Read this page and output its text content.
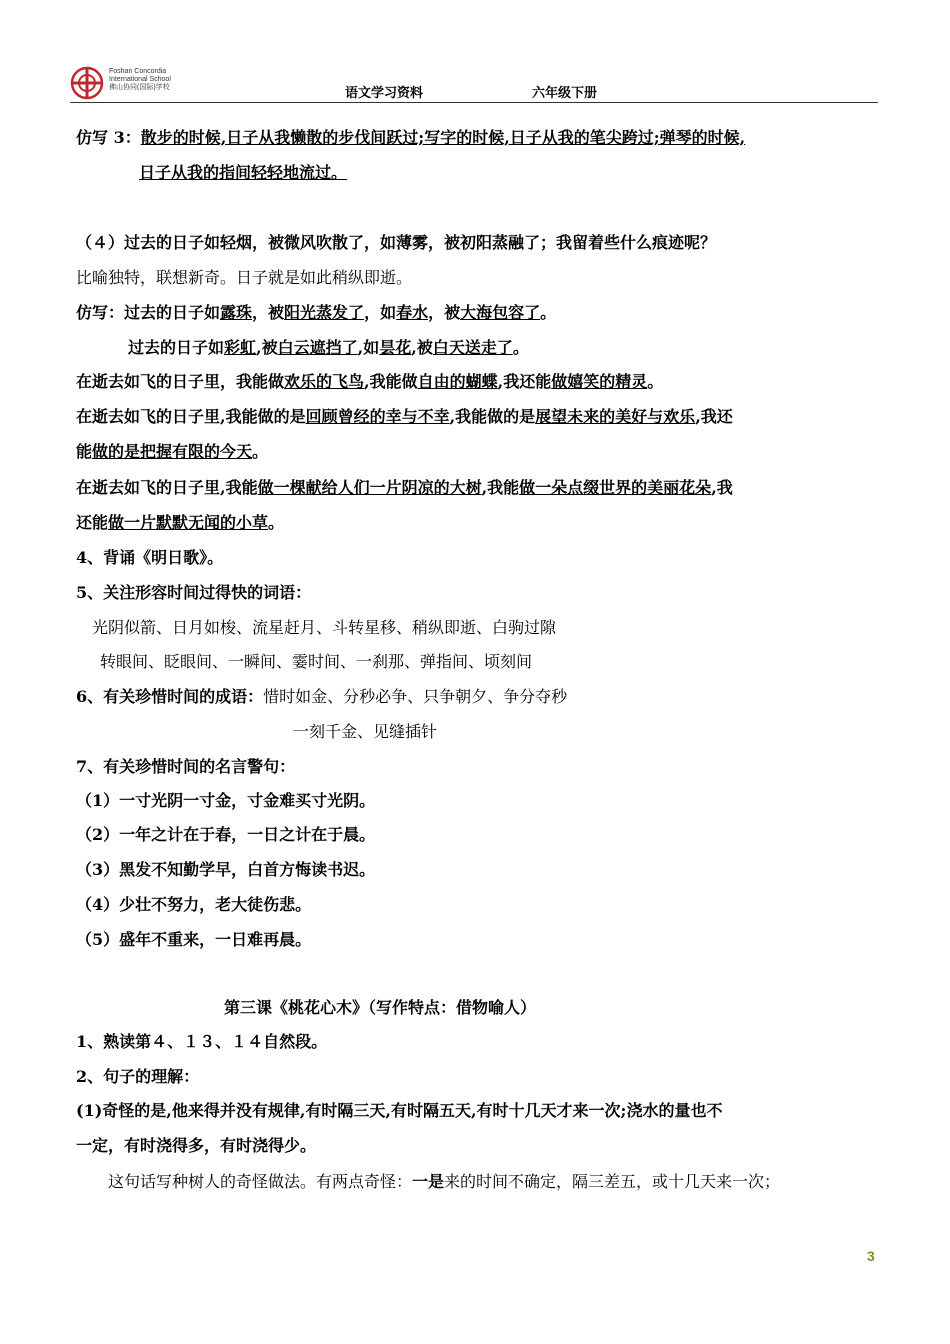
Foshan Concordia
International School
佛山协同(国际)学校	语文学习资料	六年级下册
仿写 3：散步的时候,日子从我懒散的步伐间跃过;写字的时候,日子从我的笔尖跨过;弹琴的时候,
日子从我的指间轻轻地流过。
（４）过去的日子如轻烟，被微风吹散了，如薄雾，被初阳蒸融了；我留着些什么痕迹呢？
比喻独特，联想新奇。日子就是如此稍纵即逝。
仿写：过去的日子如露珠，被阳光蒸发了，如春水，被大海包容了。
过去的日子如彩虹,被白云遮挡了,如昙花,被白天送走了。
在逝去如飞的日子里，我能做欢乐的飞鸟,我能做自由的蝴蝶,我还能做嬉笑的精灵。
在逝去如飞的日子里,我能做的是回顾曾经的幸与不幸,我能做的是展望未来的美好与欢乐,我还
能做的是把握有限的今天。
在逝去如飞的日子里,我能做一棵献给人们一片阴凉的大树,我能做一朵点缀世界的美丽花朵,我
还能做一片默默无闻的小草。
4、背诵《明日歌》。
5、关注形容时间过得快的词语：
光阴似箭、日月如梭、流星赶月、斗转星移、稍纵即逝、白驹过隙
转眼间、眨眼间、一瞬间、霎时间、一刹那、弹指间、顷刻间
6、有关珍惜时间的成语：惜时如金、分秒必争、只争朝夕、争分夺秒
一刻千金、见缝插针
7、有关珍惜时间的名言警句：
（1）一寸光阴一寸金，寸金难买寸光阴。
（2）一年之计在于春，一日之计在于晨。
（3）黑发不知勤学早，白首方悔读书迟。
（4）少壮不努力，老大徒伤悲。
（5）盛年不重来，一日难再晨。
第三课《桃花心木》（写作特点：借物喻人）
1、熟读第４、１３、１４自然段。
2、句子的理解：
(1)奇怪的是,他来得并没有规律,有时隔三天,有时隔五天,有时十几天才来一次;浇水的量也不
一定，有时浇得多，有时浇得少。
这句话写种树人的奇怪做法。有两点奇怪：一是来的时间不确定，隔三差五，或十几天来一次；
3
